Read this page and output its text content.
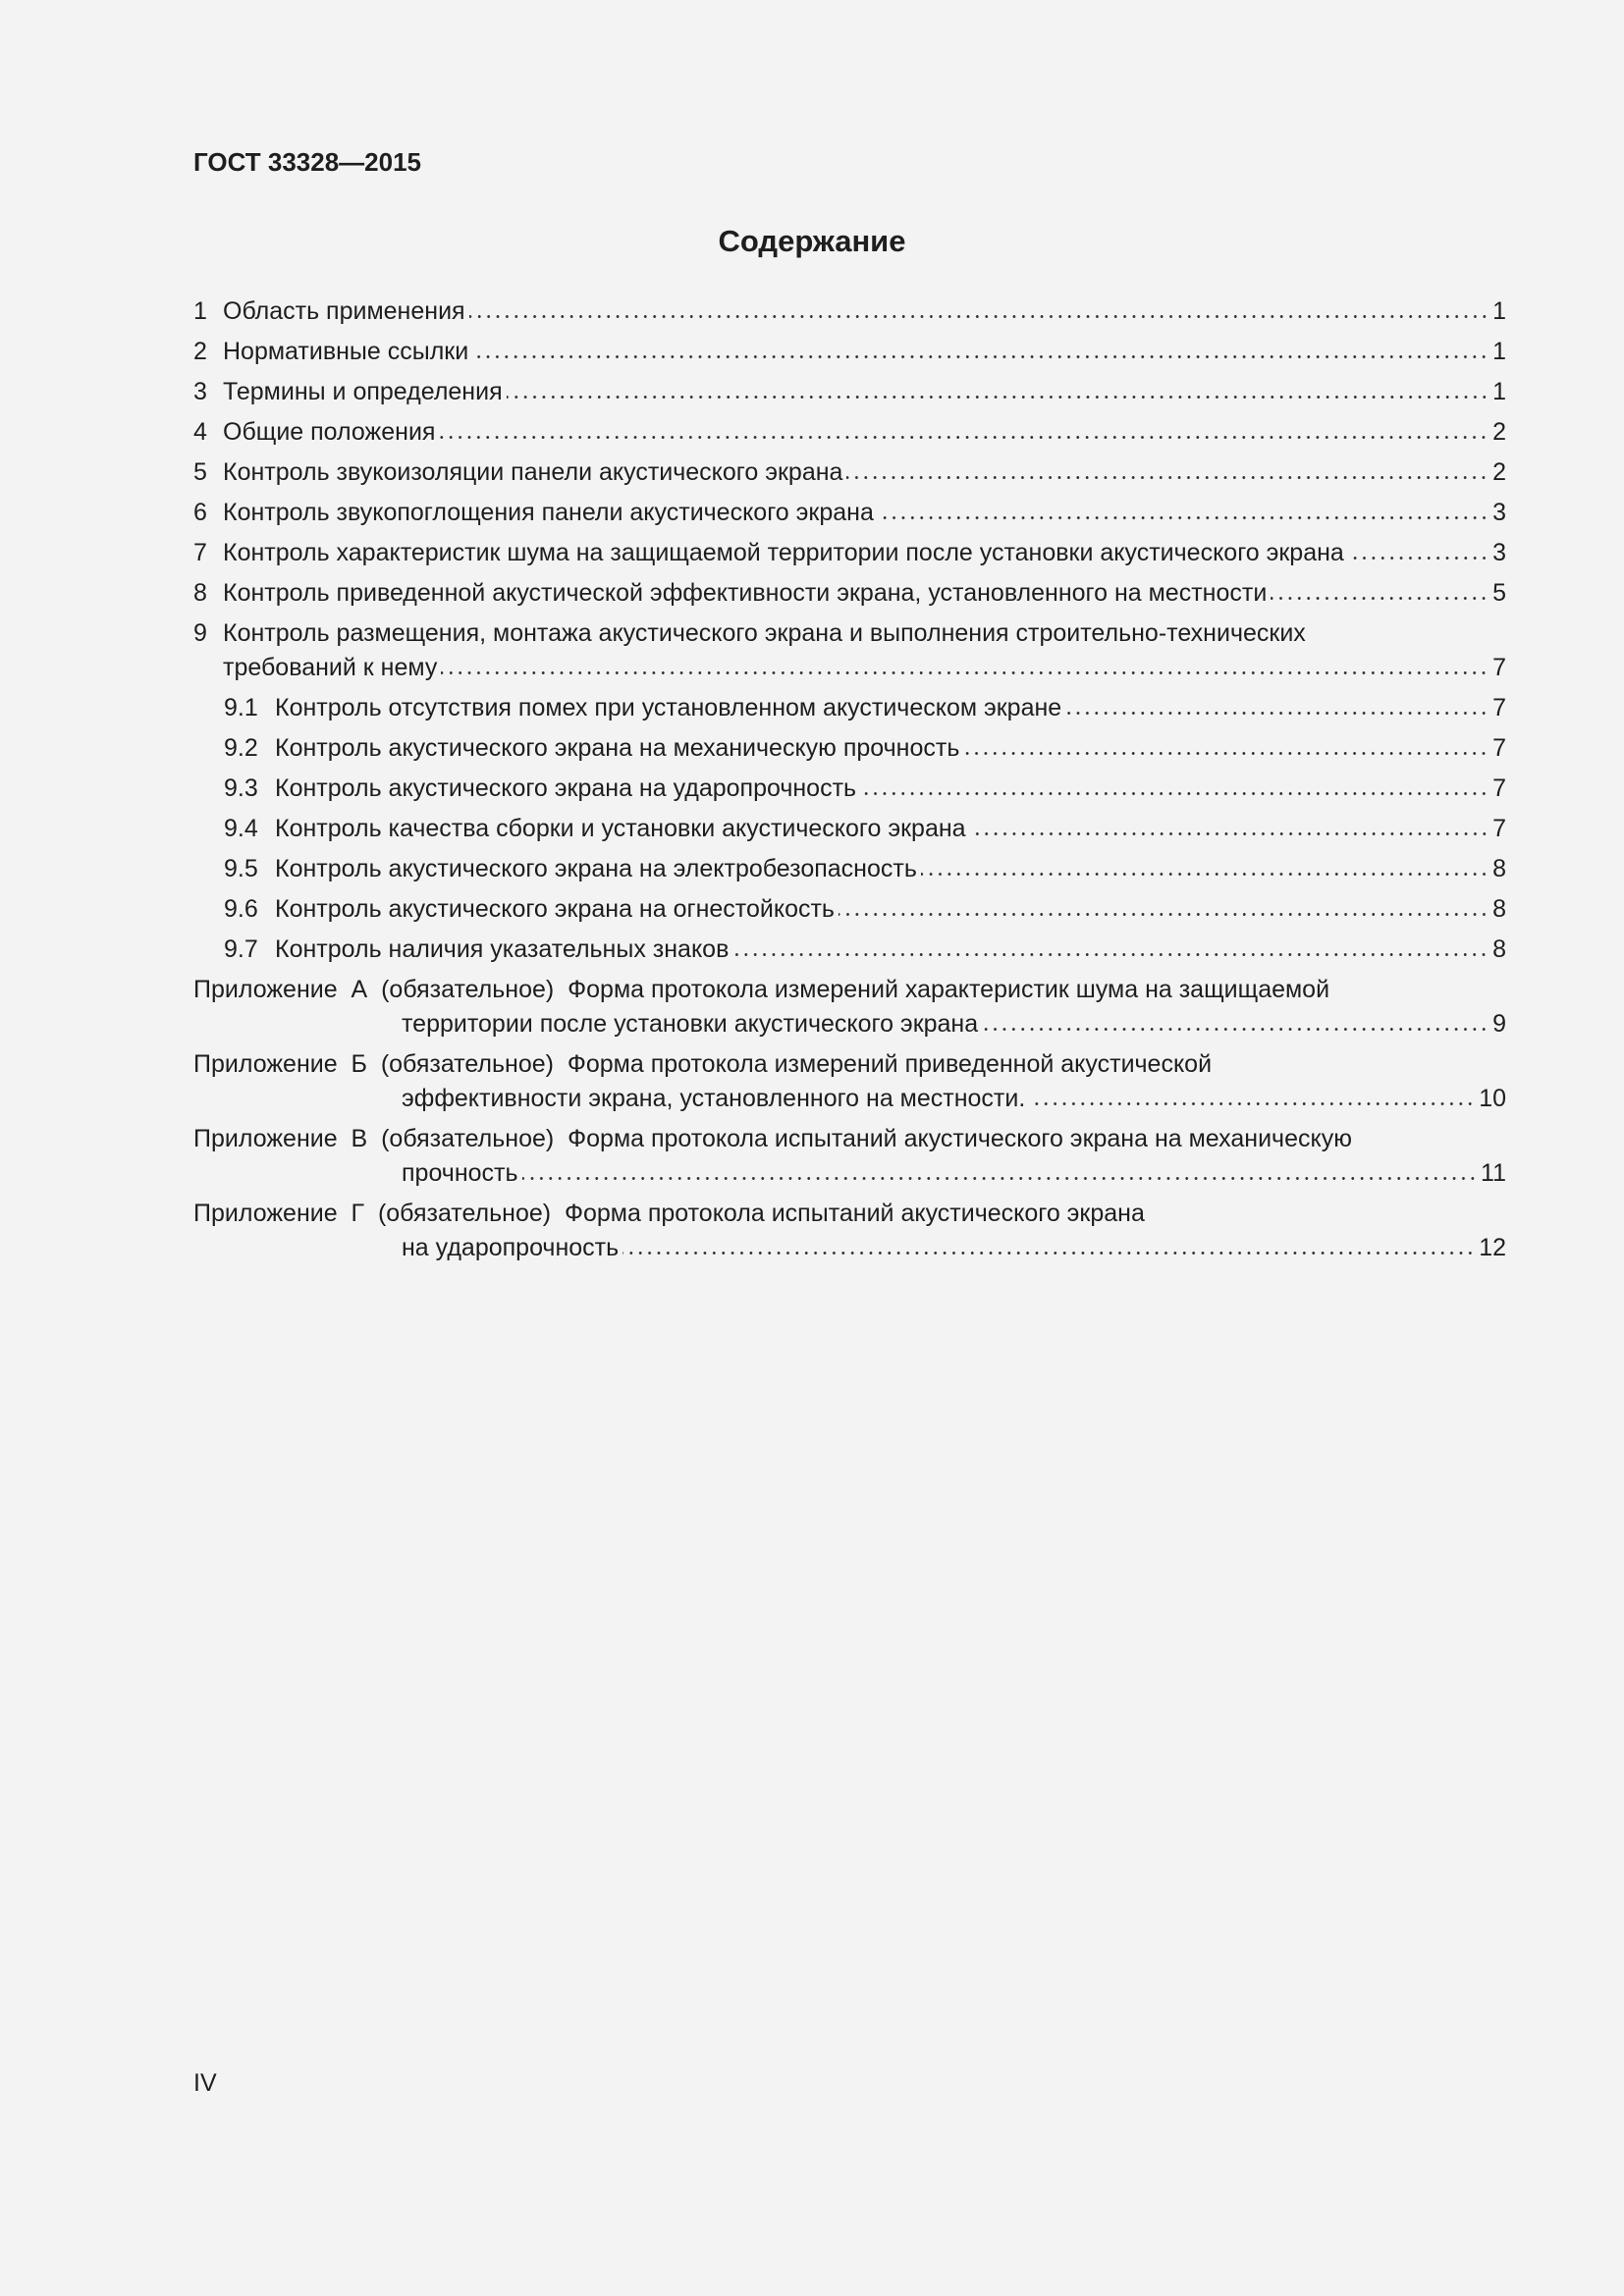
ГОСТ 33328—2015
Содержание
1 Область применения	1
2 Нормативные ссылки	1
3 Термины и определения	1
4 Общие положения	2
5 Контроль звукоизоляции панели акустического экрана	2
6 Контроль звукопоглощения панели акустического экрана	3
7 Контроль характеристик шума на защищаемой территории после установки акустического экрана	3
8 Контроль приведенной акустической эффективности экрана, установленного на местности	5
9 Контроль размещения, монтажа акустического экрана и выполнения строительно-технических
требований к нему	7
9.1 Контроль отсутствия помех при установленном акустическом экране	7
9.2 Контроль акустического экрана на механическую прочность	7
9.3 Контроль акустического экрана на ударопрочность	7
9.4 Контроль качества сборки и установки акустического экрана	7
9.5 Контроль акустического экрана на электробезопасность	8
9.6 Контроль акустического экрана на огнестойкость	8
9.7 Контроль наличия указательных знаков	8
Приложение  А  (обязательное)  Форма протокола измерений характеристик шума на защищаемой
территории после установки акустического экрана	9
Приложение  Б  (обязательное)  Форма протокола измерений приведенной акустической
эффективности экрана, установленного на местности.	10
Приложение  В  (обязательное)  Форма протокола испытаний акустического экрана на механическую
прочность	11
Приложение  Г  (обязательное)  Форма протокола испытаний акустического экрана
на ударопрочность	12
IV
